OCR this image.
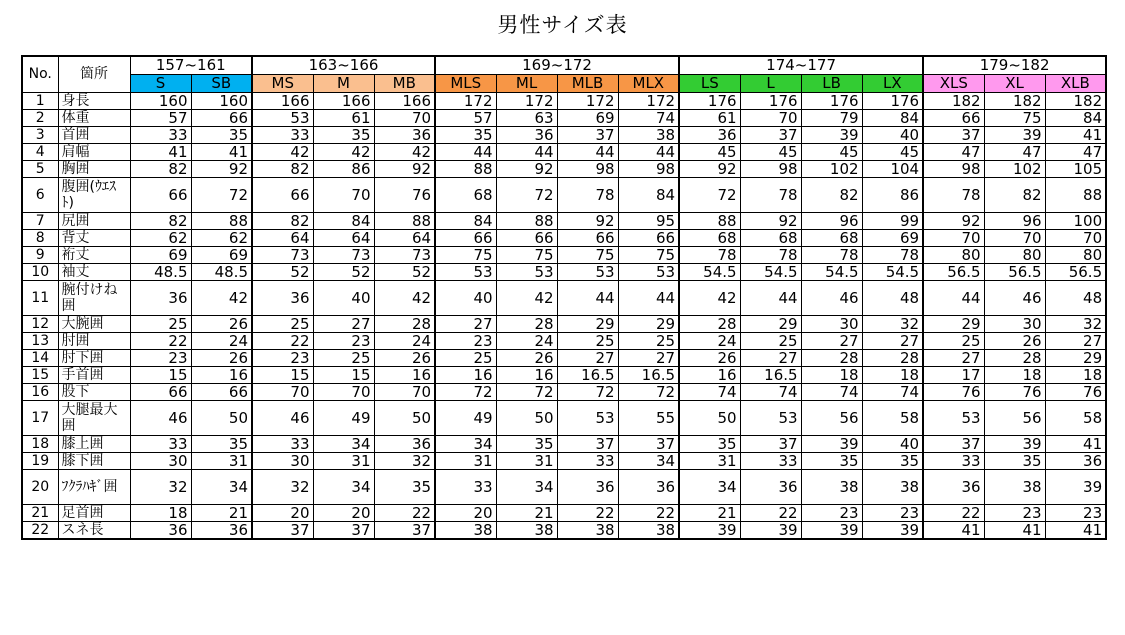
男性サイズ表
No.	箇所	157~161		163~166			169~172				174~177				179~182		
		S	SB	MS	M	MB	MLS	ML	MLB	MLX	LS	L	LB	LX	XLS	XL	XLB
1	身長	160	160	166	166	166	172	172	172	172	176	176	176	176	182	182	182
2	体重	57	66	53	61	70	57	63	69	74	61	70	79	84	66	75	84
3	首囲	33	35	33	35	36	35	36	37	38	36	37	39	40	37	39	41
4	肩幅	41	41	42	42	42	44	44	44	44	45	45	45	45	47	47	47
5	胸囲	82	92	82	86	92	88	92	98	98	92	98	102	104	98	102	105
6	腹囲(ｳｴｽﾄ)	66	72	66	70	76	68	72	78	84	72	78	82	86	78	82	88
7	尻囲	82	88	82	84	88	84	88	92	95	88	92	96	99	92	96	100
8	背丈	62	62	64	64	64	66	66	66	66	68	68	68	69	70	70	70
9	裄丈	69	69	73	73	73	75	75	75	75	78	78	78	78	80	80	80
10	袖丈	48.5	48.5	52	52	52	53	53	53	53	54.5	54.5	54.5	54.5	56.5	56.5	56.5
11	腕付けね囲	36	42	36	40	42	40	42	44	44	42	44	46	48	44	46	48
12	大腕囲	25	26	25	27	28	27	28	29	29	28	29	30	32	29	30	32
13	肘囲	22	24	22	23	24	23	24	25	25	24	25	27	27	25	26	27
14	肘下囲	23	26	23	25	26	25	26	27	27	26	27	28	28	27	28	29
15	手首囲	15	16	15	15	16	16	16	16.5	16.5	16	16.5	18	18	17	18	18
16	股下	66	66	70	70	70	72	72	72	72	74	74	74	74	76	76	76
17	大腿最大囲	46	50	46	49	50	49	50	53	55	50	53	56	58	53	56	58
18	膝上囲	33	35	33	34	36	34	35	37	37	35	37	39	40	37	39	41
19	膝下囲	30	31	30	31	32	31	31	33	34	31	33	35	35	33	35	36
20	ﾌｸﾗﾊｷﾞ囲	32	34	32	34	35	33	34	36	36	34	36	38	38	36	38	39
21	足首囲	18	21	20	20	22	20	21	22	22	21	22	23	23	22	23	23
22	スネ長	36	36	37	37	37	38	38	38	38	39	39	39	39	41	41	41
